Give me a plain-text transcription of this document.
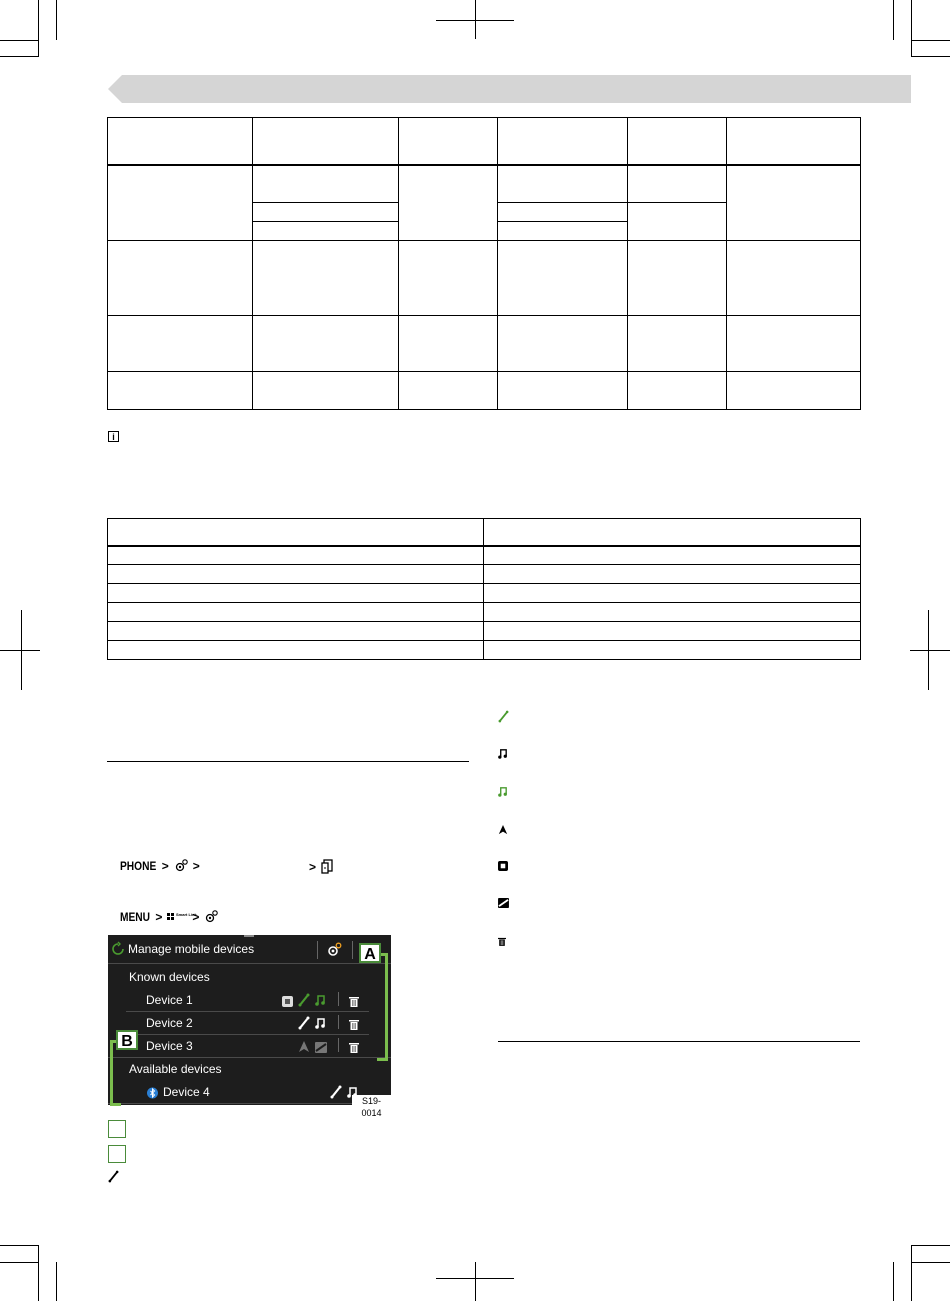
i

PHONE > >	>
MENU >	Smart Link
>
Manage mobile devices
Known devices
Device 1
Device 2
Device 3
Available devices
Device 4
A
B
S19-0014
